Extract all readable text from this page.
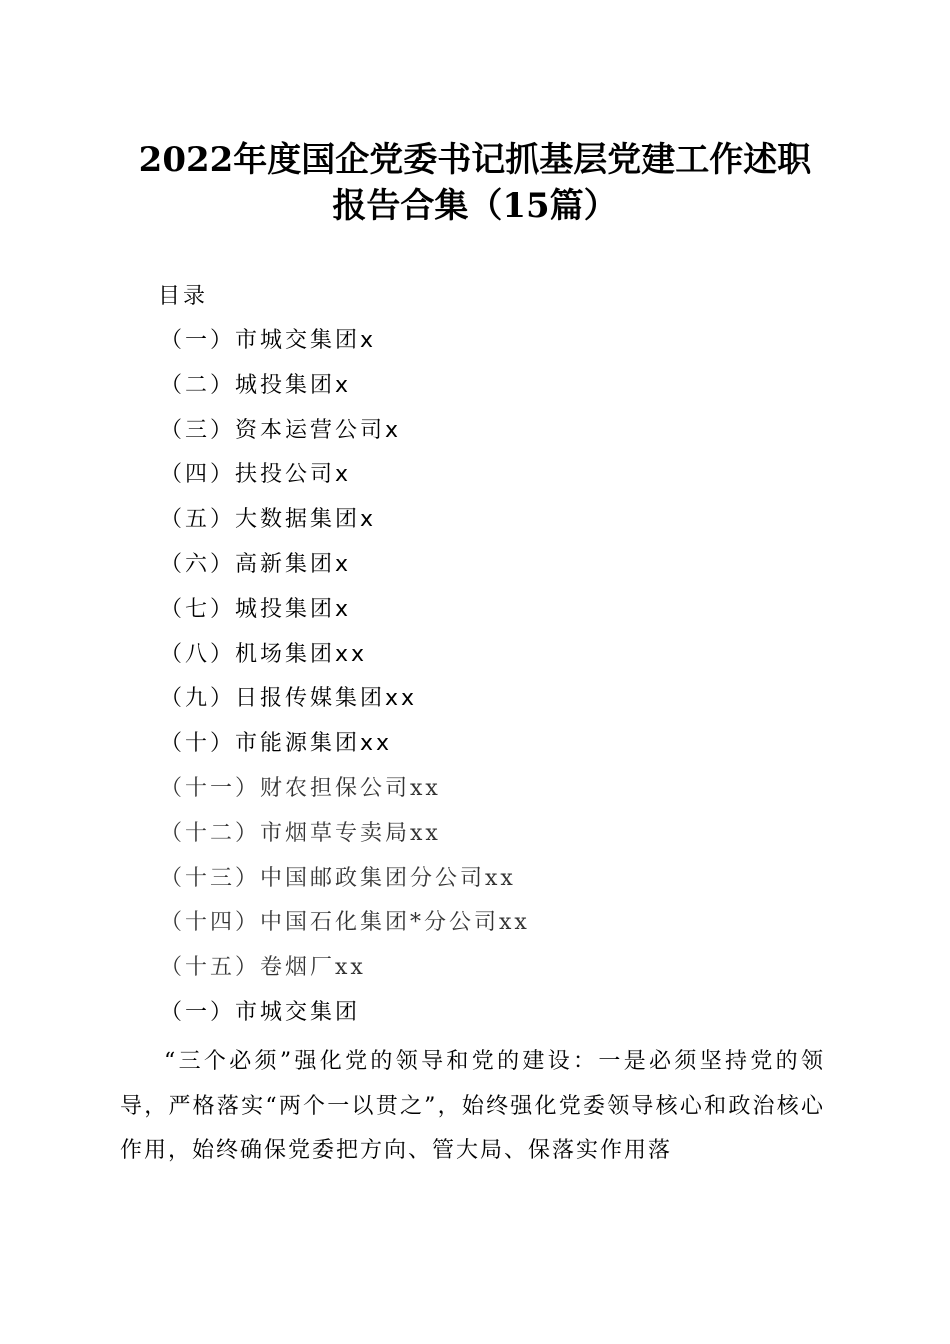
2022年度国企党委书记抓基层党建工作述职
报告合集（15篇）
目录
（一）市城交集团x
（二）城投集团x
（三）资本运营公司x
（四）扶投公司x
（五）大数据集团x
（六）高新集团x
（七）城投集团x
（八）机场集团xx
（九）日报传媒集团xx
（十）市能源集团xx
（十一）财农担保公司xx
（十二）市烟草专卖局xx
（十三）中国邮政集团分公司xx
（十四）中国石化集团*分公司xx
（十五）卷烟厂xx
（一）市城交集团

“三个必须”强化党的领导和党的建设：一是必须坚持党的领导，严格落实“两个一以贯之”，始终强化党委领导核心和政治核心作用，始终确保党委把方向、管大局、保落实作用落
